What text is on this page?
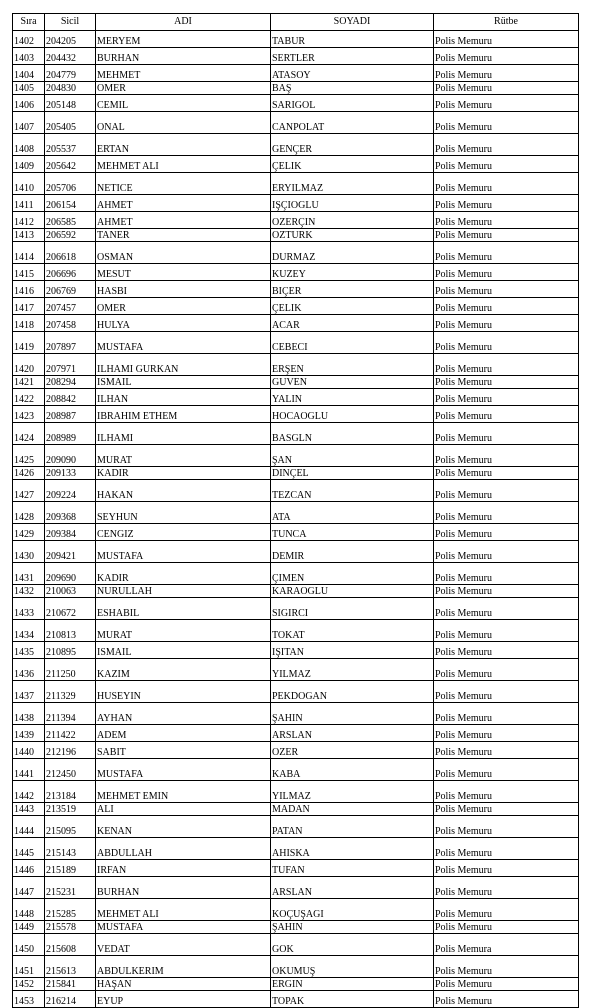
Sıra	Sicil	ADI	SOYADI	Rütbe
1402	204205	MERYEM	TABUR	Polis Memuru
1403	204432	BURHAN	SERTLER	Polis Memuru
1404	204779	MEHMET	ATASOY	Polis Memuru
1405	204830	OMER	BAŞ	Polis Memuru
1406	205148	CEMIL	SARIGOL	Polis Memuru
1407	205405	ONAL	CANPOLAT	Polis Memuru
1408	205537	ERTAN	GENÇER	Polis Memuru
1409	205642	MEHMET ALI	ÇELIK	Polis Memuru
1410	205706	NETICE	ERYILMAZ	Polis Memuru
1411	206154	AHMET	IŞÇIOGLU	Polis Memuru
1412	206585	AHMET	OZERÇIN	Polis Memuru
1413	206592	TANER	OZTURK	Polis Memuru
1414	206618	OSMAN	DURMAZ	Polis Memuru
1415	206696	MESUT	KUZEY	Polis Memuru
1416	206769	HASBI	BIÇER	Polis Memuru
1417	207457	OMER	ÇELIK	Polis Memuru
1418	207458	HULYA	ACAR	Polis Memuru
1419	207897	MUSTAFA	CEBECI	Polis Memuru
1420	207971	ILHAMI GURKAN	ERŞEN	Polis Memuru
1421	208294	ISMAIL	GUVEN	Polis Memuru
1422	208842	ILHAN	YALIN	Polis Memuru
1423	208987	IBRAHIM ETHEM	HOCAOGLU	Polis Memuru
1424	208989	ILHAMI	BASGLN	Polis Memuru
1425	209090	MURAT	ŞAN	Polis Memuru
1426	209133	KADIR	DINÇEL	Polis Memuru
1427	209224	HAKAN	TEZCAN	Polis Memuru
1428	209368	SEYHUN	ATA	Polis Memuru
1429	209384	CENGIZ	TUNCA	Polis Memuru
1430	209421	MUSTAFA	DEMIR	Polis Memuru
1431	209690	KADIR	ÇIMEN	Polis Memuru
1432	210063	NURULLAH	KARAOGLU	Polis Memuru
1433	210672	ESHABIL	SIGIRCI	Polis Memuru
1434	210813	MURAT	TOKAT	Polis Memuru
1435	210895	ISMAIL	IŞITAN	Polis Memuru
1436	211250	KAZIM	YILMAZ	Polis Memuru
1437	211329	HUSEYIN	PEKDOGAN	Polis Memuru
1438	211394	AYHAN	ŞAHIN	Polis Memuru
1439	211422	ADEM	ARSLAN	Polis Memuru
1440	212196	SABIT	OZER	Polis Memuru
1441	212450	MUSTAFA	KABA	Polis Memuru
1442	213184	MEHMET EMIN	YILMAZ	Polis Memuru
1443	213519	ALI	MADAN	Polis Memuru
1444	215095	KENAN	PATAN	Polis Memuru
1445	215143	ABDULLAH	AHISKA	Polis Memuru
1446	215189	IRFAN	TUFAN	Polis Memuru
1447	215231	BURHAN	ARSLAN	Polis Memuru
1448	215285	MEHMET ALI	KOÇUŞAGI	Polis Memuru
1449	215578	MUSTAFA	ŞAHIN	Polis Memuru
1450	215608	VEDAT	GOK	Polis Memura
1451	215613	ABDULKERIM	OKUMUŞ	Polis Memuru
1452	215841	HAŞAN	ERGIN	Polis Memuru
1453	216214	EYUP	TOPAK	Polis Memuru
